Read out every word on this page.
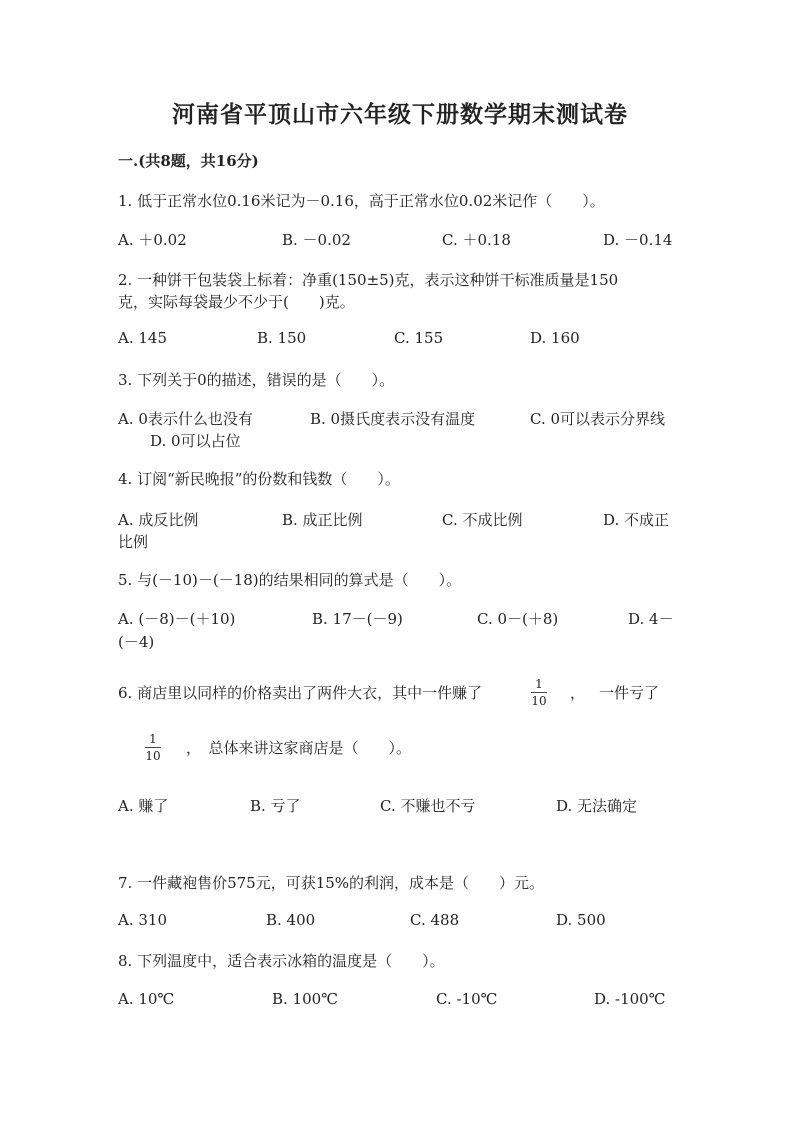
河南省平顶山市六年级下册数学期末测试卷
一.(共8题，共16分)
1. 低于正常水位0.16米记为－0.16，高于正常水位0.02米记作（　　）。
A. ＋0.02	B. －0.02	C. ＋0.18	D. －0.14
2. 一种饼干包装袋上标着：净重(150±5)克，表示这种饼干标准质量是150
克，实际每袋最少不少于(　　)克。
A. 145	B. 150	C. 155	D. 160
3. 下列关于0的描述，错误的是（　　）。
A. 0表示什么也没有	B. 0摄氏度表示没有温度	C. 0可以表示分界线
D. 0可以占位
4. 订阅“新民晚报”的份数和钱数（　　）。
A. 成反比例	B. 成正比例	C. 不成比例	D. 不成正
比例
5. 与(－10)－(－18)的结果相同的算式是（　　）。
A. (－8)－(＋10)	B. 17－(－9)	C. 0－(＋8)	D. 4－
(－4)
6. 商店里以同样的价格卖出了两件大衣，其中一件赚了	1
10 ， 一件亏了
1
10 ，　总体来讲这家商店是（　　）。
A. 赚了	B. 亏了	C. 不赚也不亏	D. 无法确定
7. 一件藏袍售价575元，可获15%的利润，成本是（　　）元。
A. 310	B. 400	C. 488	D. 500
8. 下列温度中，适合表示冰箱的温度是（　　）。
A. 10℃	B. 100℃	C. -10℃	D. -100℃
